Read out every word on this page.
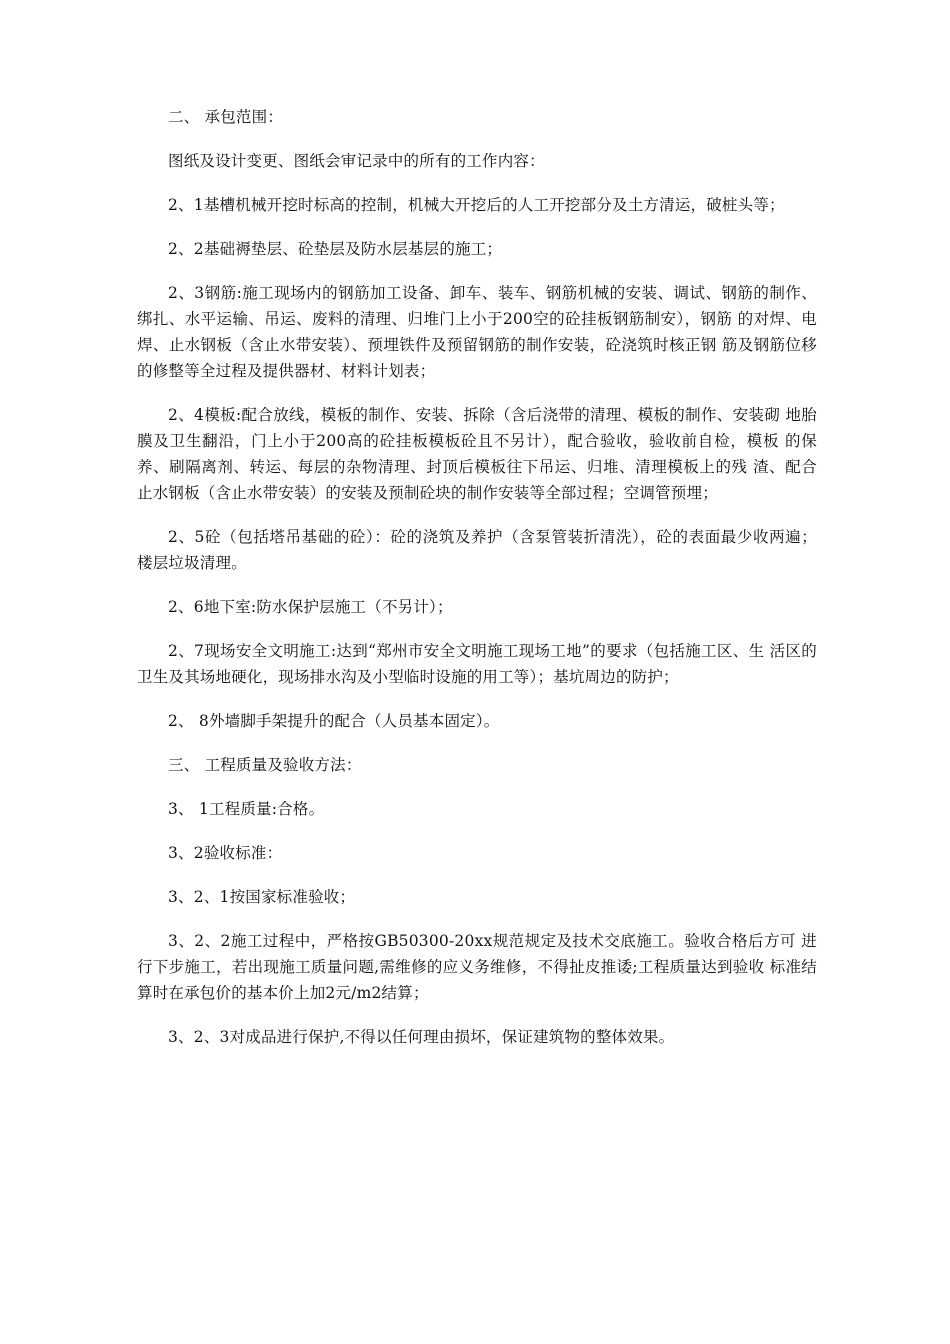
二、 承包范围：

图纸及设计变更、图纸会审记录中的所有的工作内容：

2、1基槽机械开挖时标高的控制，机械大开挖后的人工开挖部分及土方清运，破桩头等；

2、2基础褥垫层、砼垫层及防水层基层的施工；

2、3钢筋:施工现场内的钢筋加工设备、卸车、装车、钢筋机械的安装、调试、钢筋的制作、绑扎、水平运输、吊运、废料的清理、归堆门上小于200空的砼挂板钢筋制安），钢筋 的对焊、电焊、止水钢板（含止水带安装）、预埋铁件及预留钢筋的制作安装，砼浇筑时核正钢 筋及钢筋位移的修整等全过程及提供器材、材料计划表；

2、4模板:配合放线，模板的制作、安装、拆除（含后浇带的清理、模板的制作、安装砌 地胎膜及卫生翻沿，门上小于200高的砼挂板模板砼且不另计），配合验收，验收前自检，模板 的保养、刷隔离剂、转运、每层的杂物清理、封顶后模板往下吊运、归堆、清理模板上的残 渣、配合止水钢板（含止水带安装）的安装及预制砼块的制作安装等全部过程；空调管预埋；

2、5砼（包括塔吊基础的砼）：砼的浇筑及养护（含泵管装折清洗），砼的表面最少收两遍； 楼层垃圾清理。

2、6地下室:防水保护层施工（不另计）；

2、7现场安全文明施工:达到“郑州市安全文明施工现场工地”的要求（包括施工区、生 活区的卫生及其场地硬化，现场排水沟及小型临时设施的用工等）；基坑周边的防护；

2、 8外墙脚手架提升的配合（人员基本固定）。

三、 工程质量及验收方法：

3、 1工程质量:合格。

3、2验收标准：

3、2、1按国家标准验收；

3、2、2施工过程中，严格按GB50300-20xx规范规定及技术交底施工。验收合格后方可 进行下步施工，若出现施工质量问题,需维修的应义务维修，不得扯皮推诿;工程质量达到验收 标准结算时在承包价的基本价上加2元/m2结算；

3、2、3对成品进行保护,不得以任何理由损坏，保证建筑物的整体效果。
